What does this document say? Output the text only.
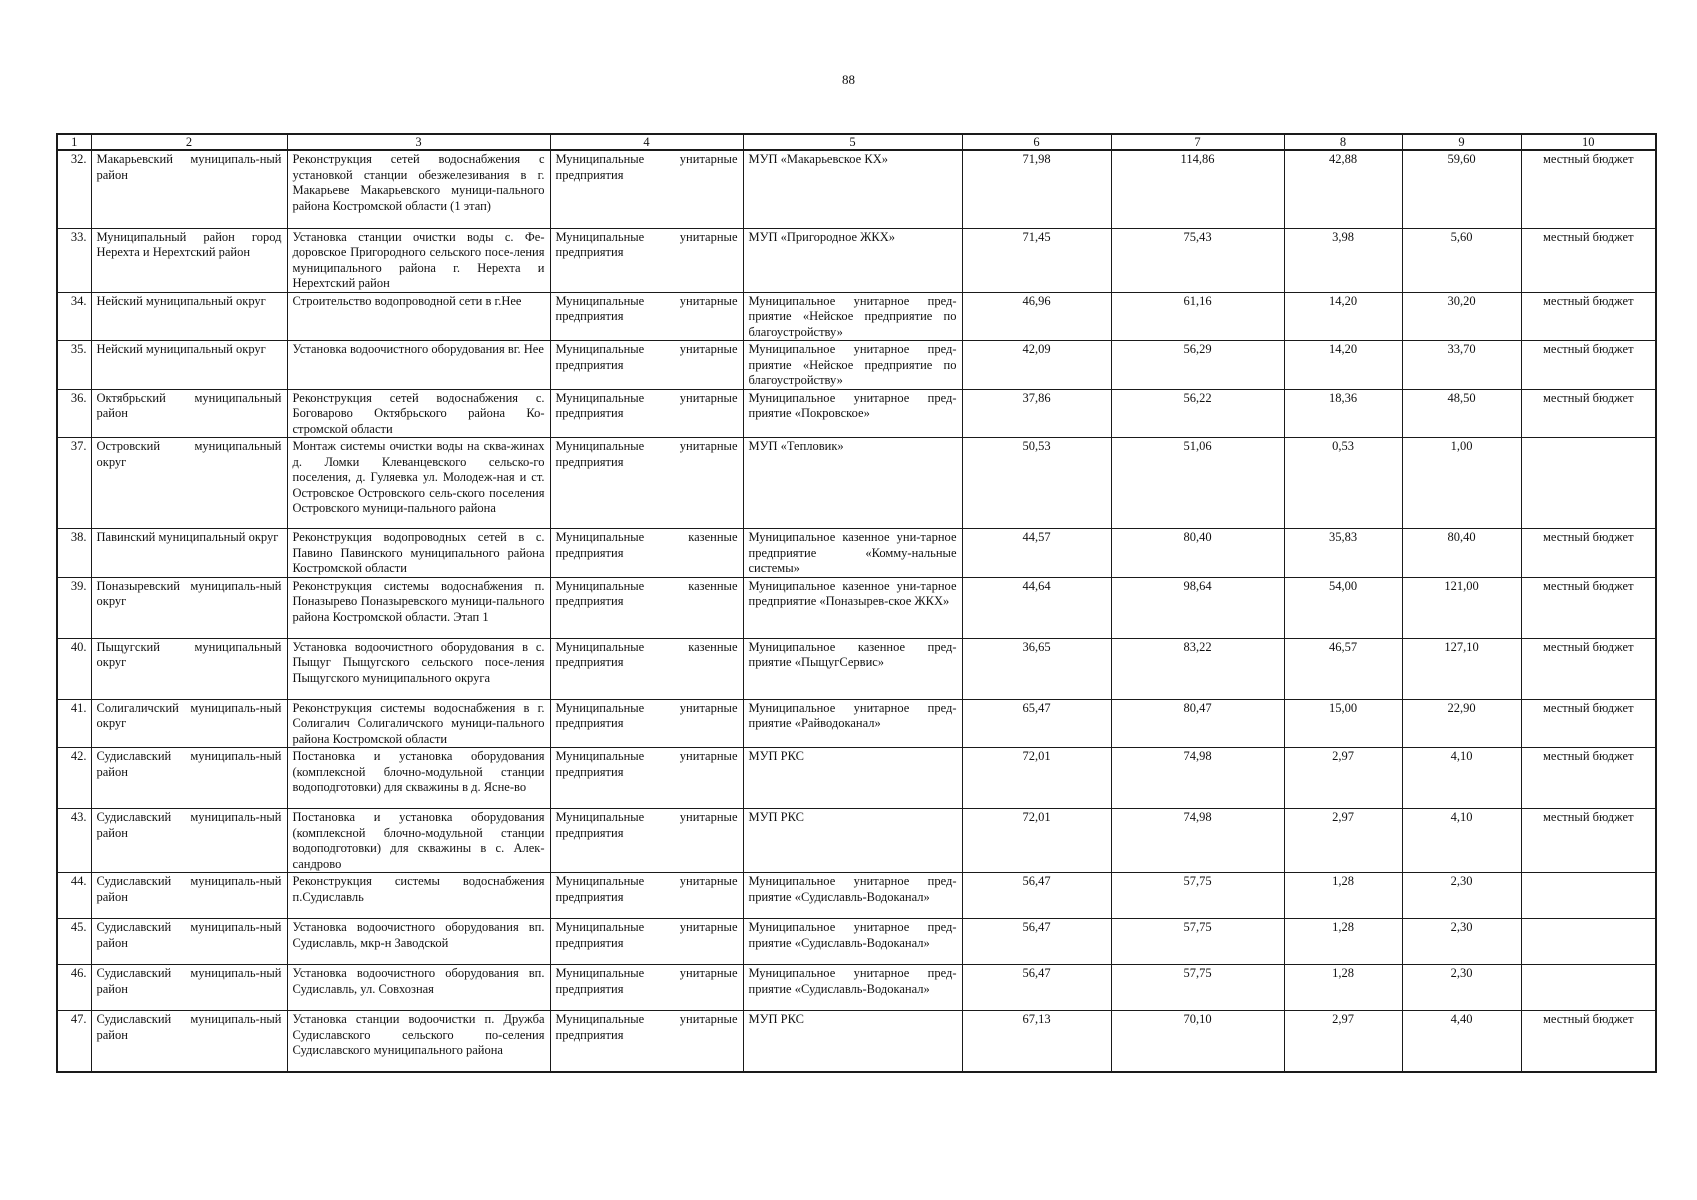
88
1	2	3	4	5	6	7	8	9	10
32.	Макарьевский муниципаль-ный район	Реконструкция сетей водоснабжения с установкой станции обезжелезивания в г. Макарьеве Макарьевского муници-пального района Костромской области (1 этап)	Муниципальные унитарные предприятия	МУП «Макарьевское КХ»	71,98	114,86	42,88	59,60	местный бюджет
33.	Муниципальный район город Нерехта и Нерехтский район	Установка станции очистки воды с. Фе-доровское Пригородного сельского посе-ления муниципального района г. Нерехта и Нерехтский район	Муниципальные унитарные предприятия	МУП «Пригородное ЖКХ»	71,45	75,43	3,98	5,60	местный бюджет
34.	Нейский муниципальный округ	Строительство водопроводной сети в г.Нее	Муниципальные унитарные предприятия	Муниципальное унитарное пред-приятие «Нейское предприятие по благоустройству»	46,96	61,16	14,20	30,20	местный бюджет
35.	Нейский муниципальный округ	Установка водоочистного оборудования вг. Нее	Муниципальные унитарные предприятия	Муниципальное унитарное пред-приятие «Нейское предприятие по благоустройству»	42,09	56,29	14,20	33,70	местный бюджет
36.	Октябрьский муниципальный район	Реконструкция сетей водоснабжения с. Боговарово Октябрьского района Ко-стромской области	Муниципальные унитарные предприятия	Муниципальное унитарное пред-приятие «Покровское»	37,86	56,22	18,36	48,50	местный бюджет
37.	Островский муниципальный округ	Монтаж системы очистки воды на сква-жинах д. Ломки Клеванцевского сельско-го поселения, д. Гуляевка ул. Молодеж-ная и ст. Островское Островского сель-ского поселения Островского муници-пального района	Муниципальные унитарные предприятия	МУП «Тепловик»	50,53	51,06	0,53	1,00	
38.	Павинский муниципальный округ	Реконструкция водопроводных сетей в с. Павино Павинского муниципального района Костромской области	Муниципальные казенные предприятия	Муниципальное казенное уни-тарное предприятие «Комму-нальные системы»	44,57	80,40	35,83	80,40	местный бюджет
39.	Поназыревский муниципаль-ный округ	Реконструкция системы водоснабжения п. Поназырево Поназыревского муници-пального района Костромской области. Этап 1	Муниципальные казенные предприятия	Муниципальное казенное уни-тарное предприятие «Поназырев-ское ЖКХ»	44,64	98,64	54,00	121,00	местный бюджет
40.	Пыщугский муниципальный округ	Установка водоочистного оборудования в с. Пыщуг Пыщугского сельского посе-ления Пыщугского муниципального округа	Муниципальные казенные предприятия	Муниципальное казенное пред-приятие «ПыщугСервис»	36,65	83,22	46,57	127,10	местный бюджет
41.	Солигаличский муниципаль-ный округ	Реконструкция системы водоснабжения в г. Солигалич Солигаличского муници-пального района Костромской области	Муниципальные унитарные предприятия	Муниципальное унитарное пред-приятие «Райводоканал»	65,47	80,47	15,00	22,90	местный бюджет
42.	Судиславский муниципаль-ный район	Постановка и установка оборудования (комплексной блочно-модульной станции водоподготовки) для скважины в д. Ясне-во	Муниципальные унитарные предприятия	МУП РКС	72,01	74,98	2,97	4,10	местный бюджет
43.	Судиславский муниципаль-ный район	Постановка и установка оборудования (комплексной блочно-модульной станции водоподготовки) для скважины в с. Алек-сандрово	Муниципальные унитарные предприятия	МУП РКС	72,01	74,98	2,97	4,10	местный бюджет
44.	Судиславский муниципаль-ный район	Реконструкция системы водоснабжения п.Судиславль	Муниципальные унитарные предприятия	Муниципальное унитарное пред-приятие «Судиславль-Водоканал»	56,47	57,75	1,28	2,30	
45.	Судиславский муниципаль-ный район	Установка водоочистного оборудования вп. Судиславль, мкр-н Заводской	Муниципальные унитарные предприятия	Муниципальное унитарное пред-приятие «Судиславль-Водоканал»	56,47	57,75	1,28	2,30	
46.	Судиславский муниципаль-ный район	Установка водоочистного оборудования вп. Судиславль, ул. Совхозная	Муниципальные унитарные предприятия	Муниципальное унитарное пред-приятие «Судиславль-Водоканал»	56,47	57,75	1,28	2,30	
47.	Судиславский муниципаль-ный район	Установка станции водоочистки п. Дружба Судиславского сельского по-селения Судиславского муниципального района	Муниципальные унитарные предприятия	МУП РКС	67,13	70,10	2,97	4,40	местный бюджет
